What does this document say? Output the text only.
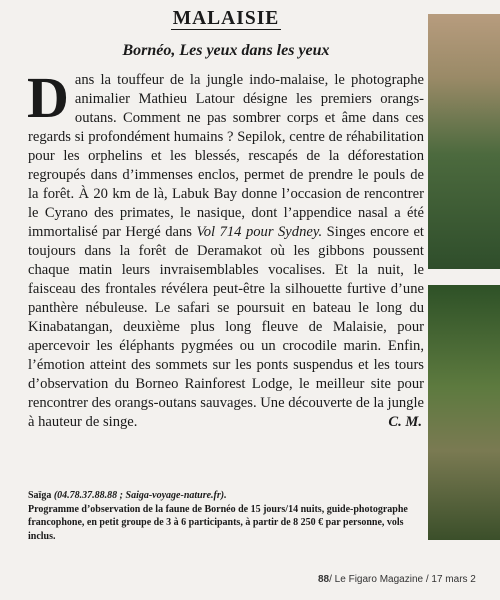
MALAISIE
Bornéo, Les yeux dans les yeux

Dans la touffeur de la jungle indo-malaise, le photographe animalier Mathieu Latour désigne les premiers orangs-outans. Comment ne pas sombrer corps et âme dans ces regards si profondément humains ? Sepilok, centre de réhabilitation pour les orphelins et les blessés, rescapés de la déforestation regroupés dans d’immenses enclos, permet de prendre le pouls de la forêt. À 20 km de là, Labuk Bay donne l’occasion de rencontrer le Cyrano des primates, le nasique, dont l’appendice nasal a été immortalisé par Hergé dans Vol 714 pour Sydney. Singes encore et toujours dans la forêt de Deramakot où les gibbons poussent chaque matin leurs invraisemblables vocalises. Et la nuit, le faisceau des frontales révélera peut-être la silhouette furtive d’une panthère nébuleuse. Le safari se poursuit en bateau le long du Kinabatangan, deuxième plus long fleuve de Malaisie, pour apercevoir les éléphants pygmées ou un crocodile marin. Enfin, l’émotion atteint des sommets sur les ponts suspendus et les tours d’observation du Borneo Rainforest Lodge, le meilleur site pour rencontrer des orangs-outans sauvages. Une découverte de la jungle à hauteur de singe.	C. M.

Saïga (04.78.37.88.88 ; Saiga-voyage-nature.fr).
Programme d’observation de la faune de Bornéo de 15 jours/14 nuits, guide-photographe francophone, en petit groupe de 3 à 6 participants, à partir de 8 250 € par personne, vols inclus.
88/ Le Figaro Magazine / 17 mars 2
